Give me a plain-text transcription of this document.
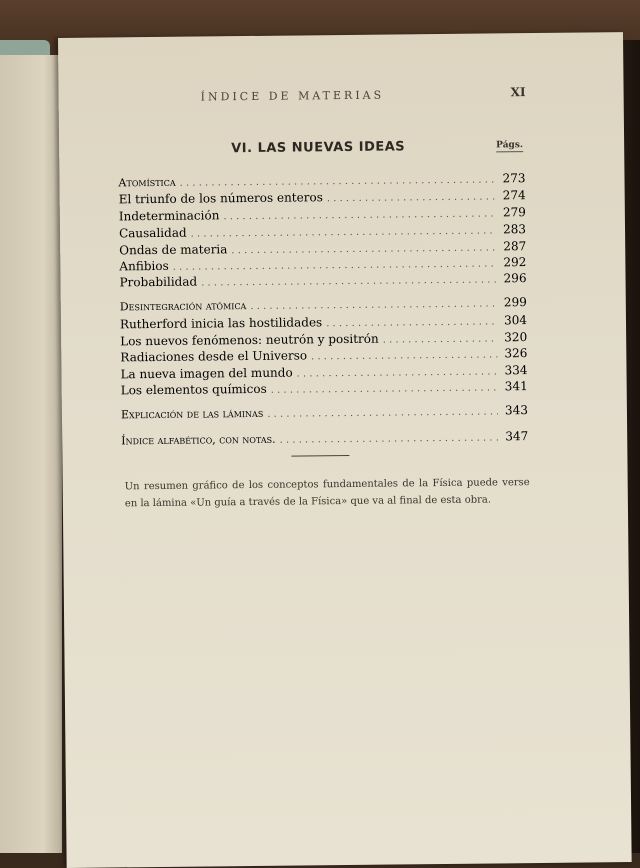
ÍNDICE DE MATERIAS	XI
VI. LAS NUEVAS IDEAS	Págs.
Atomística . . .	273
El triunfo de los números enteros . . .	274
Indeterminación . . .	279
Causalidad . . .	283
Ondas de materia . . .	287
Anfibios . . .	292
Probabilidad . . .	296
Desintegración atómica . . .	299
Rutherford inicia las hostilidades . . .	304
Los nuevos fenómenos: neutrón y positrón . . .	320
Radiaciones desde el Universo . . .	326
La nueva imagen del mundo . . .	334
Los elementos químicos . . .	341
Explicación de las láminas . . .	343
Índice alfabético, con notas. . . .	347
Un resumen gráfico de los conceptos fundamentales de la Física puede verse en la lámina «Un guía a través de la Física» que va al final de esta obra.
